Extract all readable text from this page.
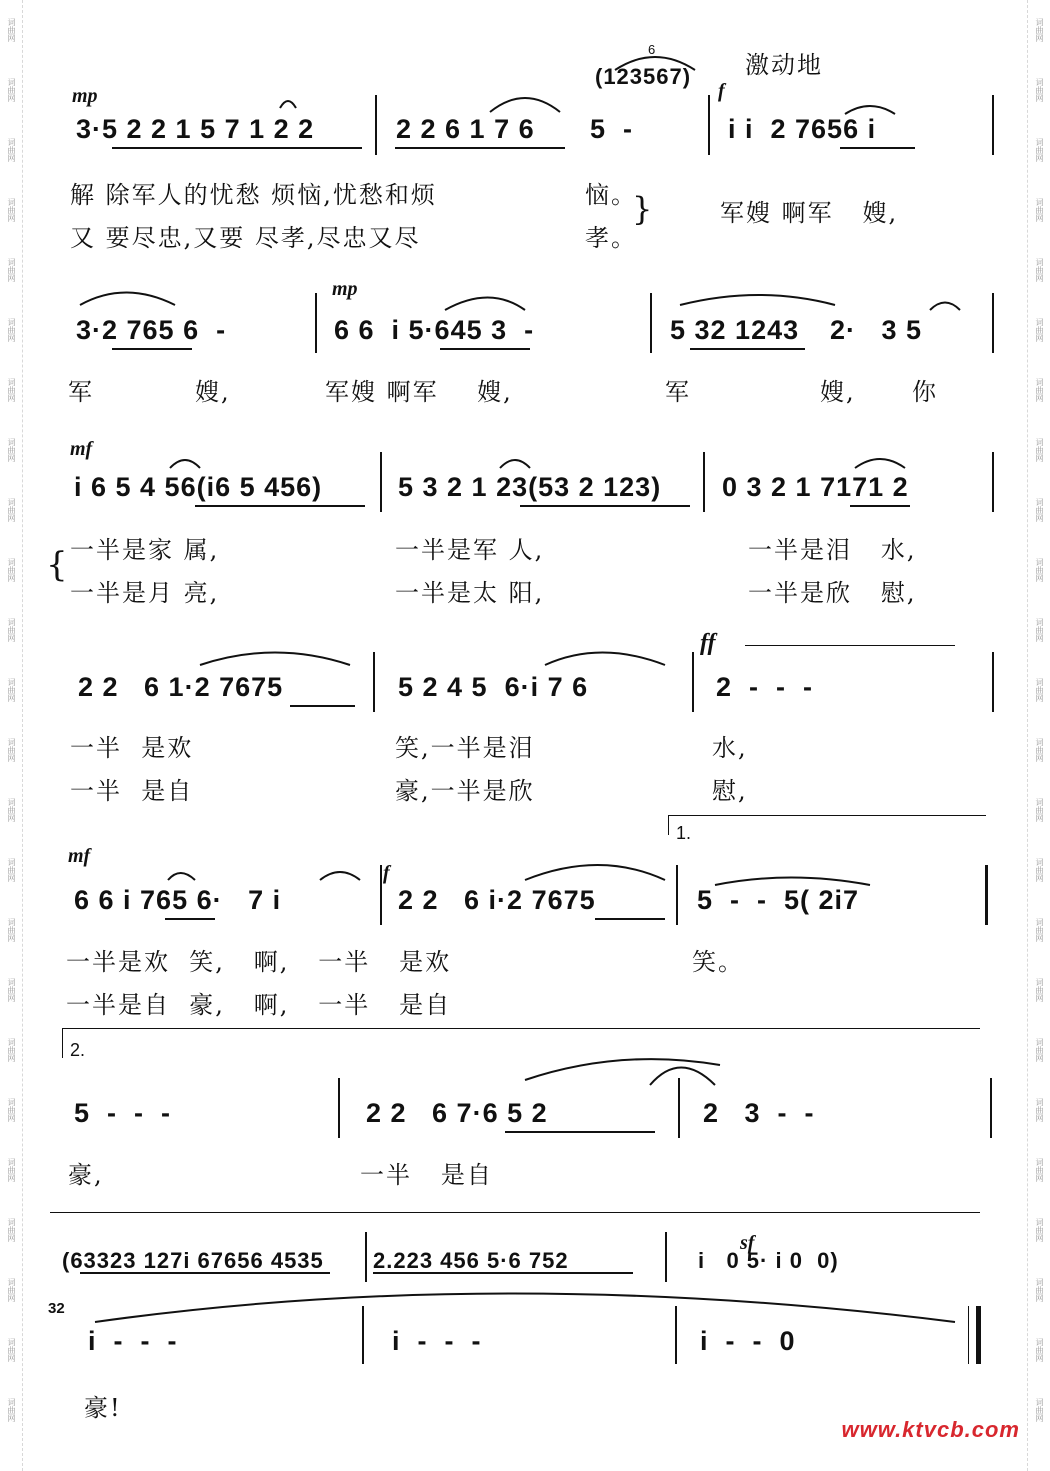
词曲网
词曲网
词曲网
词曲网
词曲网
词曲网
词曲网
词曲网
词曲网
词曲网
词曲网
词曲网
词曲网
词曲网
词曲网
词曲网
词曲网
词曲网
词曲网
词曲网
词曲网
词曲网
词曲网
词曲网
词曲网
词曲网
词曲网
词曲网
词曲网
词曲网
词曲网
词曲网
词曲网
词曲网
词曲网
词曲网
词曲网
词曲网
词曲网
词曲网
词曲网
词曲网
词曲网
词曲网
词曲网
词曲网
词曲网
词曲网
激动地
mp	f
6
(123567)
3·5 2 2 1 5 7 1 2 2	2 2 6 1 7 6 5  -	i i  2 7656 i
解 除军人的忧愁 烦恼,忧愁和烦	恼。
又 要尽忠,又要 尽孝,尽忠又尽	孝。
}	军嫂 啊军   嫂,
mp
3·2 765 6  -	6 6  i 5·645 3  -	5 32 1243 2·   3 5
军	嫂,	军嫂 啊军    嫂,	军	嫂, 你
mf
i 6 5 4 56(i6 5 456)	5 3 2 1 23(53 2 123) 0 3 2 1 7171 2
{ 一半是家 属,	一半是军 人,	一半是泪   水,
一半是月 亮,	一半是太 阳,	一半是欣   慰,
ff
2 2   6 1·2 7675	5 2 4 5  6·i 7 6	2  -  -  -
一半  是欢	笑,一半是泪	水,
一半  是自	豪,一半是欣	慰,
1.
mf
f
6 6 i 765 6·   7 i	2 2   6 i·2 7675	5  -  -  5( 2i7
一半是欢  笑,   啊,   一半   是欢	笑。
一半是自  豪,   啊,   一半   是自
2.
5  -  -  -	2 2   6 7·6 5 2	2   3  -  -
豪,	一半   是自
(63323 127i 67656 4535 2.223 456 5·6 752
sf
i   0 5· i 0  0)
32
i  -  -  -	i  -  -  -	i  -  -  0
豪!
www.ktvcb.com
